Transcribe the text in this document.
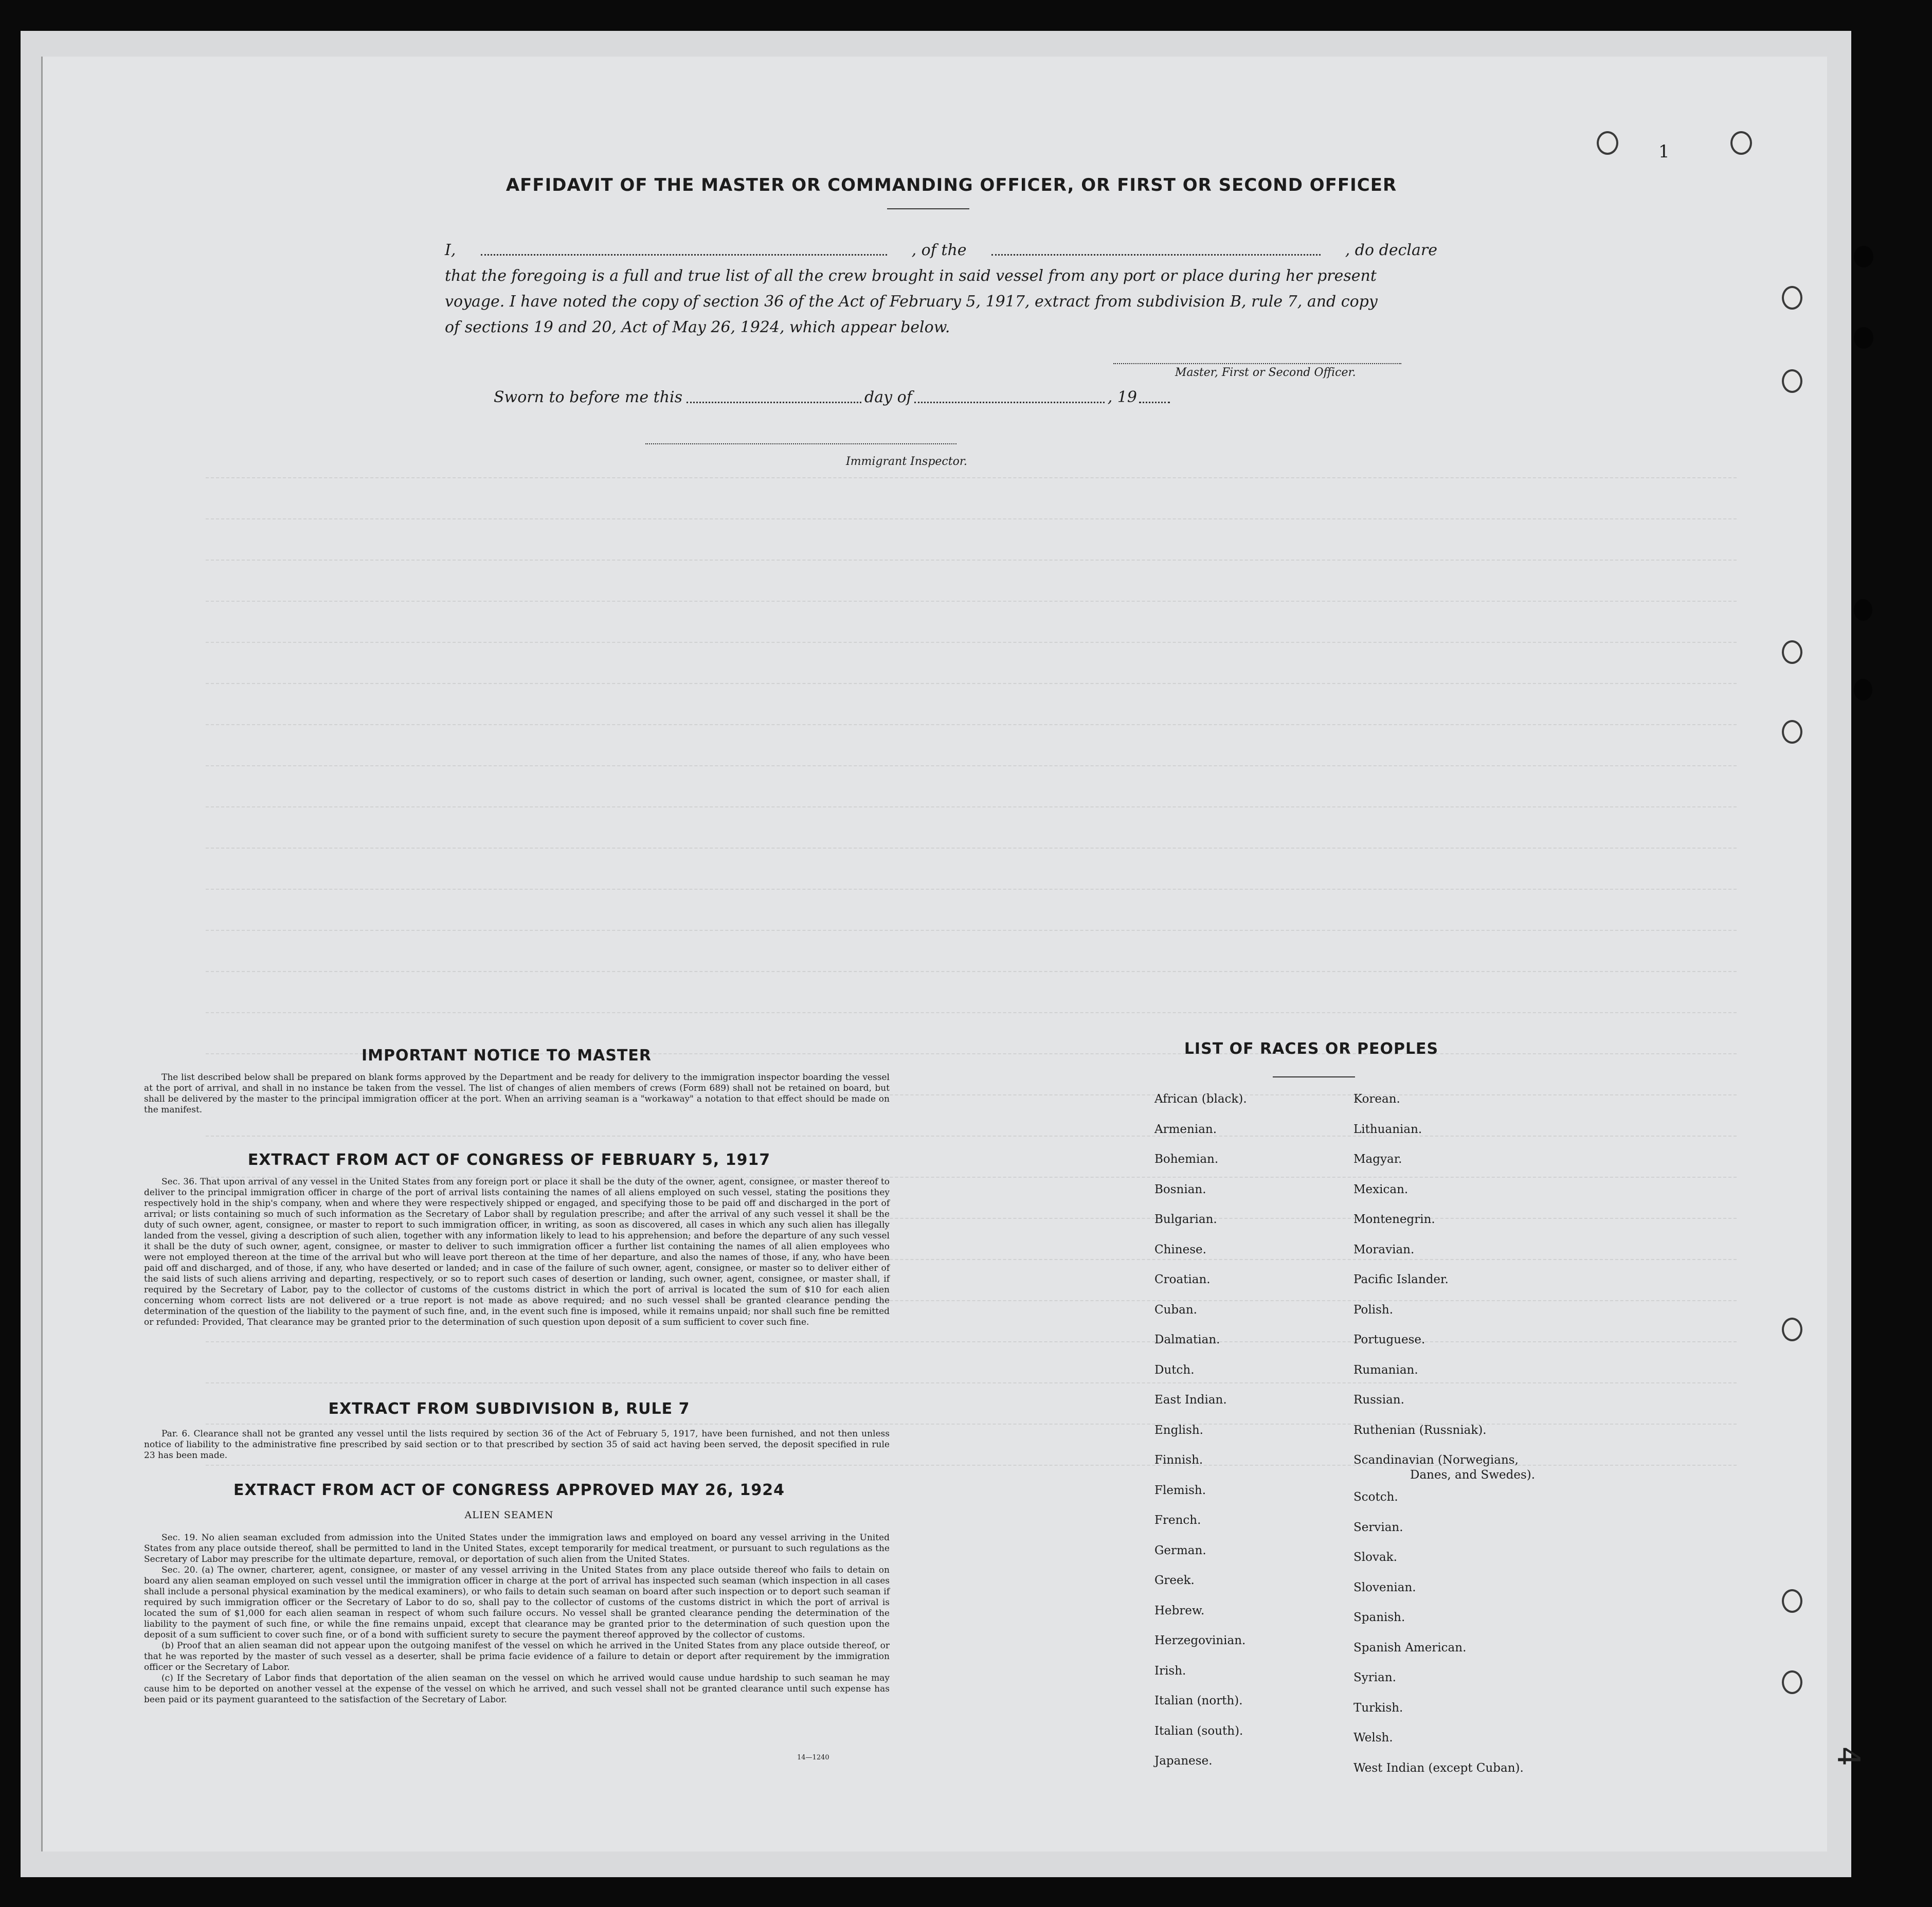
1
4
AFFIDAVIT OF THE MASTER OR COMMANDING OFFICER, OR FIRST OR SECOND OFFICER
I,	, of the	, do declare
that the foregoing is a full and true list of all the crew brought in said vessel from any port or place during her present
voyage. I have noted the copy of section 36 of the Act of February 5, 1917, extract from subdivision B, rule 7, and copy
of sections 19 and 20, Act of May 26, 1924, which appear below.
Master, First or Second Officer.
Sworn to before me this	day of	, 19
Immigrant Inspector.
IMPORTANT NOTICE TO MASTER
The list described below shall be prepared on blank forms approved by the Department and be ready for delivery to the immigration inspector boarding the vessel at the port of arrival, and shall in no instance be taken from the vessel. The list of changes of alien members of crews (Form 689) shall not be retained on board, but shall be delivered by the master to the principal immigration officer at the port. When an arriving seaman is a "workaway" a notation to that effect should be made on the manifest.
EXTRACT FROM ACT OF CONGRESS OF FEBRUARY 5, 1917
Sec. 36. That upon arrival of any vessel in the United States from any foreign port or place it shall be the duty of the owner, agent, consignee, or master thereof to deliver to the principal immigration officer in charge of the port of arrival lists containing the names of all aliens employed on such vessel, stating the positions they respectively hold in the ship's company, when and where they were respectively shipped or engaged, and specifying those to be paid off and discharged in the port of arrival; or lists containing so much of such information as the Secretary of Labor shall by regulation prescribe; and after the arrival of any such vessel it shall be the duty of such owner, agent, consignee, or master to report to such immigration officer, in writing, as soon as discovered, all cases in which any such alien has illegally landed from the vessel, giving a description of such alien, together with any information likely to lead to his apprehension; and before the departure of any such vessel it shall be the duty of such owner, agent, consignee, or master to deliver to such immigration officer a further list containing the names of all alien employees who were not employed thereon at the time of the arrival but who will leave port thereon at the time of her departure, and also the names of those, if any, who have been paid off and discharged, and of those, if any, who have deserted or landed; and in case of the failure of such owner, agent, consignee, or master so to deliver either of the said lists of such aliens arriving and departing, respectively, or so to report such cases of desertion or landing, such owner, agent, consignee, or master shall, if required by the Secretary of Labor, pay to the collector of customs of the customs district in which the port of arrival is located the sum of $10 for each alien concerning whom correct lists are not delivered or a true report is not made as above required; and no such vessel shall be granted clearance pending the determination of the question of the liability to the payment of such fine, and, in the event such fine is imposed, while it remains unpaid; nor shall such fine be remitted or refunded: Provided, That clearance may be granted prior to the determination of such question upon deposit of a sum sufficient to cover such fine.
EXTRACT FROM SUBDIVISION B, RULE 7
Par. 6. Clearance shall not be granted any vessel until the lists required by section 36 of the Act of February 5, 1917, have been furnished, and not then unless notice of liability to the administrative fine prescribed by said section or to that prescribed by section 35 of said act having been served, the deposit specified in rule 23 has been made.
EXTRACT FROM ACT OF CONGRESS APPROVED MAY 26, 1924
ALIEN SEAMEN
Sec. 19. No alien seaman excluded from admission into the United States under the immigration laws and employed on board any vessel arriving in the United States from any place outside thereof, shall be permitted to land in the United States, except temporarily for medical treatment, or pursuant to such regulations as the Secretary of Labor may prescribe for the ultimate departure, removal, or deportation of such alien from the United States.
Sec. 20. (a) The owner, charterer, agent, consignee, or master of any vessel arriving in the United States from any place outside thereof who fails to detain on board any alien seaman employed on such vessel until the immigration officer in charge at the port of arrival has inspected such seaman (which inspection in all cases shall include a personal physical examination by the medical examiners), or who fails to detain such seaman on board after such inspection or to deport such seaman if required by such immigration officer or the Secretary of Labor to do so, shall pay to the collector of customs of the customs district in which the port of arrival is located the sum of $1,000 for each alien seaman in respect of whom such failure occurs. No vessel shall be granted clearance pending the determination of the liability to the payment of such fine, or while the fine remains unpaid, except that clearance may be granted prior to the determination of such question upon the deposit of a sum sufficient to cover such fine, or of a bond with sufficient surety to secure the payment thereof approved by the collector of customs.
(b) Proof that an alien seaman did not appear upon the outgoing manifest of the vessel on which he arrived in the United States from any place outside thereof, or that he was reported by the master of such vessel as a deserter, shall be prima facie evidence of a failure to detain or deport after requirement by the immigration officer or the Secretary of Labor.
(c) If the Secretary of Labor finds that deportation of the alien seaman on the vessel on which he arrived would cause undue hardship to such seaman he may cause him to be deported on another vessel at the expense of the vessel on which he arrived, and such vessel shall not be granted clearance until such expense has been paid or its payment guaranteed to the satisfaction of the Secretary of Labor.
14—1240
LIST OF RACES OR PEOPLES
African (black).
Armenian.
Bohemian.
Bosnian.
Bulgarian.
Chinese.
Croatian.
Cuban.
Dalmatian.
Dutch.
East Indian.
English.
Finnish.
Flemish.
French.
German.
Greek.
Hebrew.
Herzegovinian.
Irish.
Italian (north).
Italian (south).
Japanese.
Korean.
Lithuanian.
Magyar.
Mexican.
Montenegrin.
Moravian.
Pacific Islander.
Polish.
Portuguese.
Rumanian.
Russian.
Ruthenian (Russniak).
Scandinavian (Norwegians,
Danes, and Swedes).
Scotch.
Servian.
Slovak.
Slovenian.
Spanish.
Spanish American.
Syrian.
Turkish.
Welsh.
West Indian (except Cuban).
